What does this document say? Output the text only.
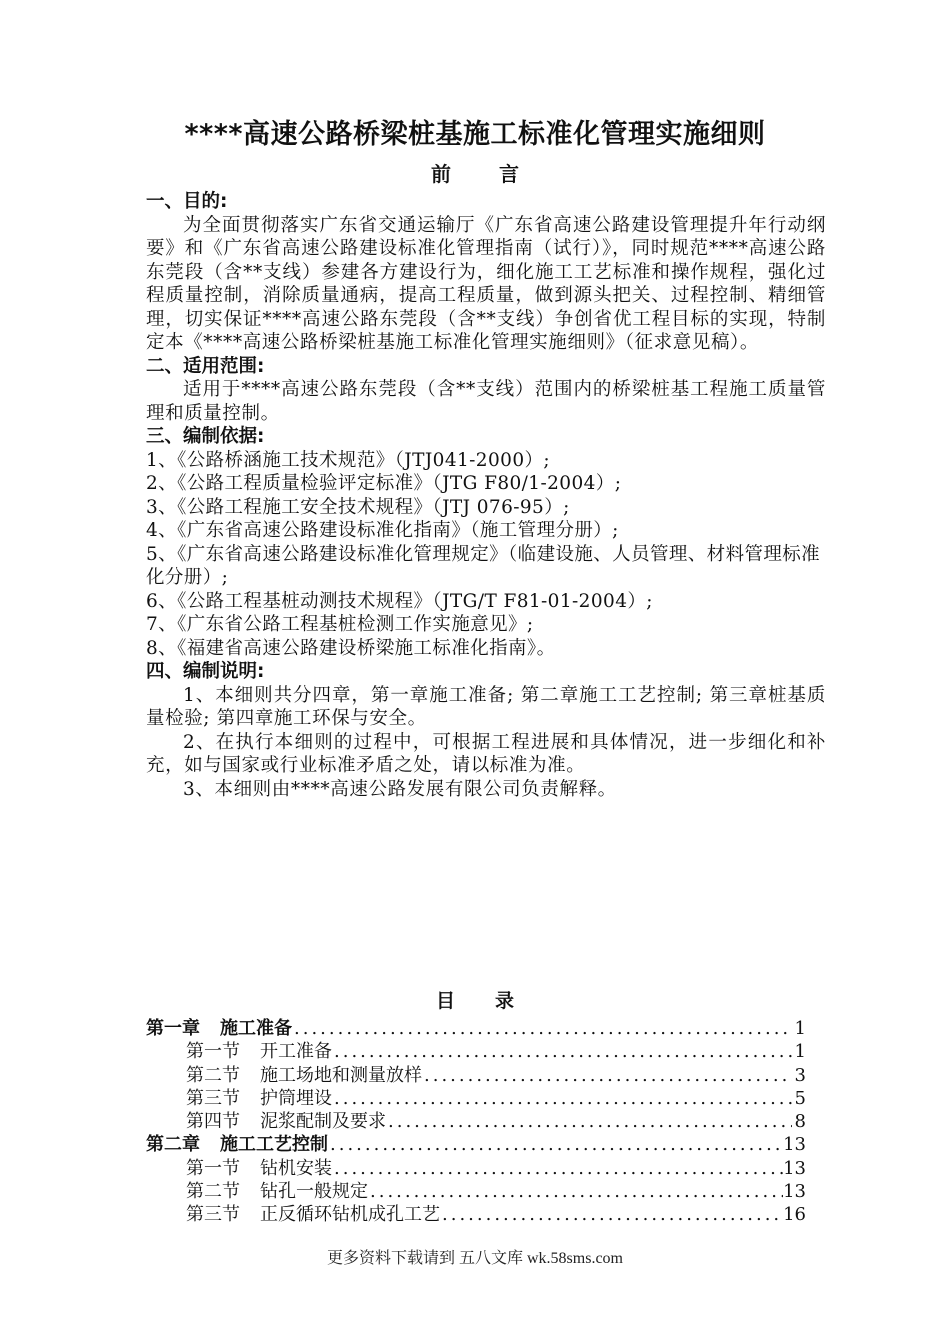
****高速公路桥梁桩基施工标准化管理实施细则
前言
一、目的:
为全面贯彻落实广东省交通运输厅《广东省高速公路建设管理提升年行动纲要》和《广东省高速公路建设标准化管理指南（试行）》，同时规范****高速公路东莞段（含**支线）参建各方建设行为，细化施工工艺标准和操作规程，强化过程质量控制，消除质量通病，提高工程质量，做到源头把关、过程控制、精细管理，切实保证****高速公路东莞段（含**支线）争创省优工程目标的实现，特制定本《****高速公路桥梁桩基施工标准化管理实施细则》（征求意见稿）。
二、适用范围:
适用于****高速公路东莞段（含**支线）范围内的桥梁桩基工程施工质量管理和质量控制。
三、编制依据:
1、《公路桥涵施工技术规范》（JTJ041-2000）;
2、《公路工程质量检验评定标准》（JTG F80/1-2004）;
3、《公路工程施工安全技术规程》（JTJ 076-95）;
4、《广东省高速公路建设标准化指南》（施工管理分册）;
5、《广东省高速公路建设标准化管理规定》（临建设施、人员管理、材料管理标准化分册）;
6、《公路工程基桩动测技术规程》（JTG/T F81-01-2004）;
7、《广东省公路工程基桩检测工作实施意见》;
8、《福建省高速公路建设桥梁施工标准化指南》。
四、编制说明:
1、本细则共分四章，第一章施工准备; 第二章施工工艺控制; 第三章桩基质量检验; 第四章施工环保与安全。
2、在执行本细则的过程中，可根据工程进展和具体情况，进一步细化和补充，如与国家或行业标准矛盾之处，请以标准为准。
3、本细则由****高速公路发展有限公司负责解释。
目录
第一章 施工准备 .....	1
第一节 开工准备 .....	1
第二节 施工场地和测量放样 .....	3
第三节 护筒埋设 .....	5
第四节 泥浆配制及要求 .....	8
第二章 施工工艺控制 .....	13
第一节 钻机安装 .....	13
第二节 钻孔一般规定 .....	13
第三节 正反循环钻机成孔工艺 .....	16
更多资料下载请到 五八文库 wk.58sms.com
